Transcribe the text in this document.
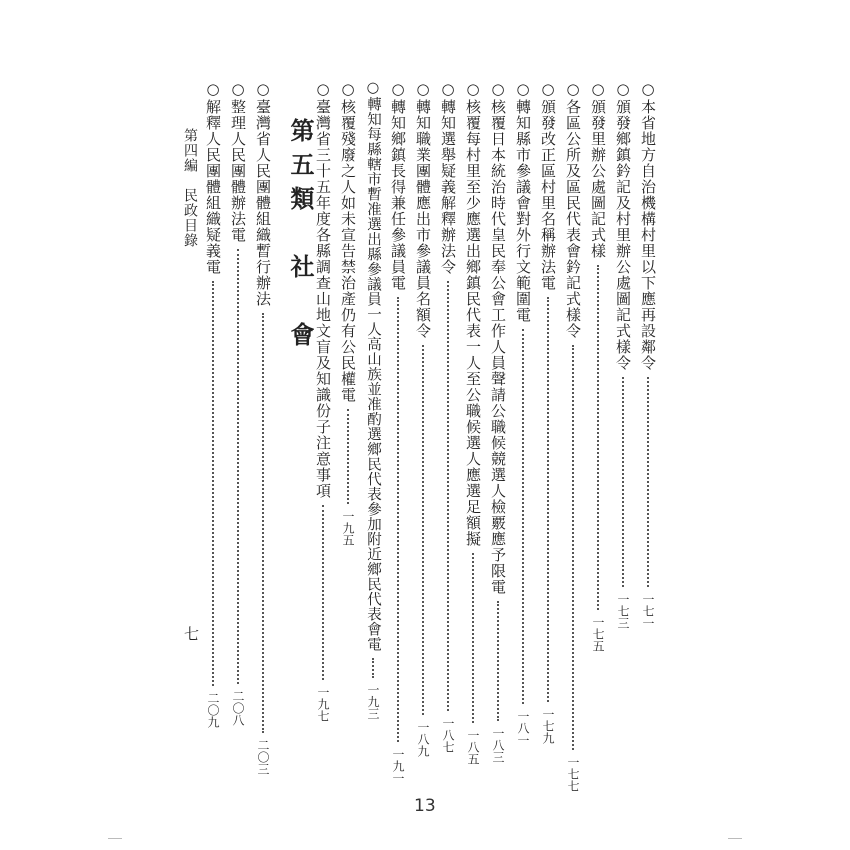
○本省地方自治機構村里以下應再設鄰令一七一
○頒發鄉鎮鈐記及村里辦公處圖記式樣令一七三
○頒發里辦公處圖記式樣一七五
○各區公所及區民代表會鈐記式樣令一七七
○頒發改正區村里名稱辦法電一七九
○轉知縣市參議會對外行文範圍電一八一
○核覆日本統治時代皇民奉公會工作人員聲請公職候競選人檢覈應予限電一八三
○核覆每村里至少應選出鄉鎮民代表一人至公職候選人應選足額擬一八五
○轉知選舉疑義解釋辦法令一八七
○轉知職業團體應出市參議員名額令一八九
○轉知鄉鎮長得兼任參議員電一九一
○轉知每縣轄市暫准選出縣參議員一人高山族並准酌選鄉民代表參加附近鄉民代表會電一九三
○核覆殘廢之人如未宣告禁治產仍有公民權電一九五
○臺灣省三十五年度各縣調查山地文盲及知識份子注意事項一九七
第五類　社　會
○臺灣省人民團體組織暫行辦法二〇三
○整理人民團體辦法電二〇八
○解釋人民團體組織疑義電二〇九
第四編　民政目錄
七
13
